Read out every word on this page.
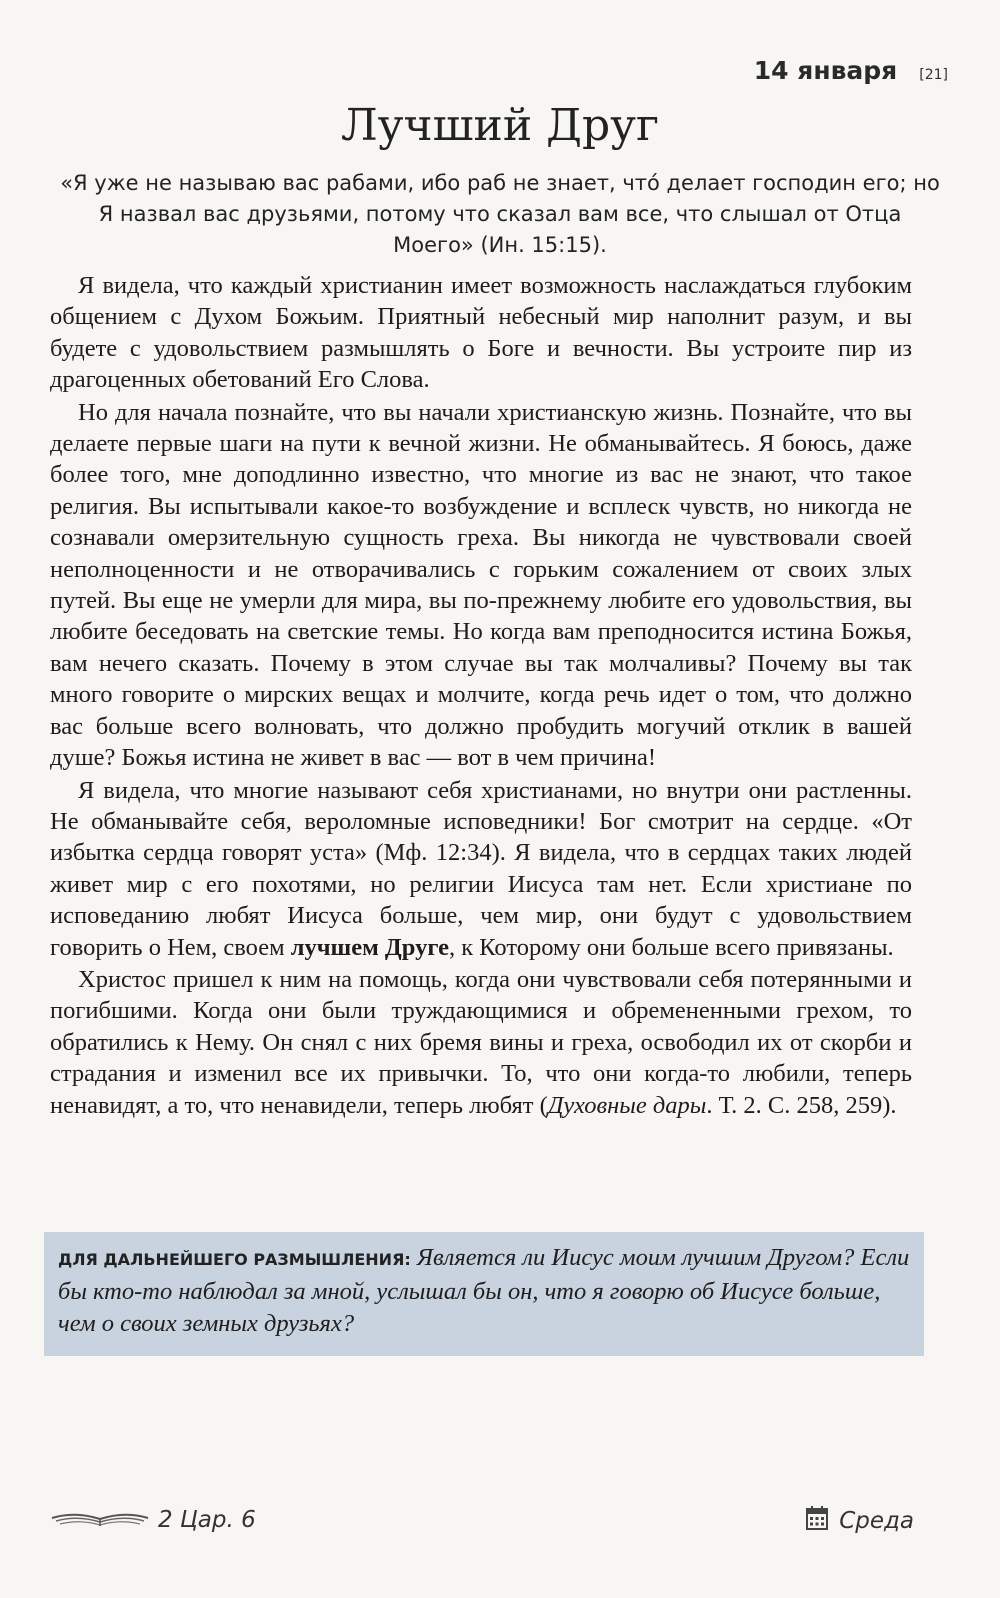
14 января [21]
Лучший Друг

«Я уже не называю вас рабами, ибо раб не знает, что́ делает господин его; но Я назвал вас друзьями, потому что сказал вам все, что слышал от Отца Моего» (Ин. 15:15).

Я видела, что каждый христианин имеет возможность наслаждаться глубоким общением с Духом Божьим. Приятный небесный мир наполнит разум, и вы будете с удовольствием размышлять о Боге и вечности. Вы устроите пир из драгоценных обетований Его Слова.

Но для начала познайте, что вы начали христианскую жизнь. Познайте, что вы делаете первые шаги на пути к вечной жизни. Не обманывайтесь. Я боюсь, даже более того, мне доподлинно известно, что многие из вас не знают, что такое религия. Вы испытывали какое-то возбуждение и всплеск чувств, но никогда не сознавали омерзительную сущность греха. Вы никогда не чувствовали своей неполноценности и не отворачивались с горьким сожалением от своих злых путей. Вы еще не умерли для мира, вы по-прежнему любите его удовольствия, вы любите беседовать на светские темы. Но когда вам преподносится истина Божья, вам нечего сказать. Почему в этом случае вы так молчаливы? Почему вы так много говорите о мирских вещах и молчите, когда речь идет о том, что должно вас больше всего волновать, что должно пробудить могучий отклик в вашей душе? Божья истина не живет в вас — вот в чем причина!

Я видела, что многие называют себя христианами, но внутри они растленны. Не обманывайте себя, вероломные исповедники! Бог смотрит на сердце. «От избытка сердца говорят уста» (Мф. 12:34). Я видела, что в сердцах таких людей живет мир с его похотями, но религии Иисуса там нет. Если христиане по исповеданию любят Иисуса больше, чем мир, они будут с удовольствием говорить о Нем, своем лучшем Друге, к Которому они больше всего привязаны.

Христос пришел к ним на помощь, когда они чувствовали себя потерянными и погибшими. Когда они были труждающимися и обремененными грехом, то обратились к Нему. Он снял с них бремя вины и греха, освободил их от скорби и страдания и изменил все их привычки. То, что они когда-то любили, теперь ненавидят, а то, что ненавидели, теперь любят (Духовные дары. Т. 2. С. 258, 259).

ДЛЯ ДАЛЬНЕЙШЕГО РАЗМЫШЛЕНИЯ: Является ли Иисус моим лучшим Другом? Если бы кто-то наблюдал за мной, услышал бы он, что я говорю об Иисусе больше, чем о своих земных друзьях?
2 Цар. 6	Среда
